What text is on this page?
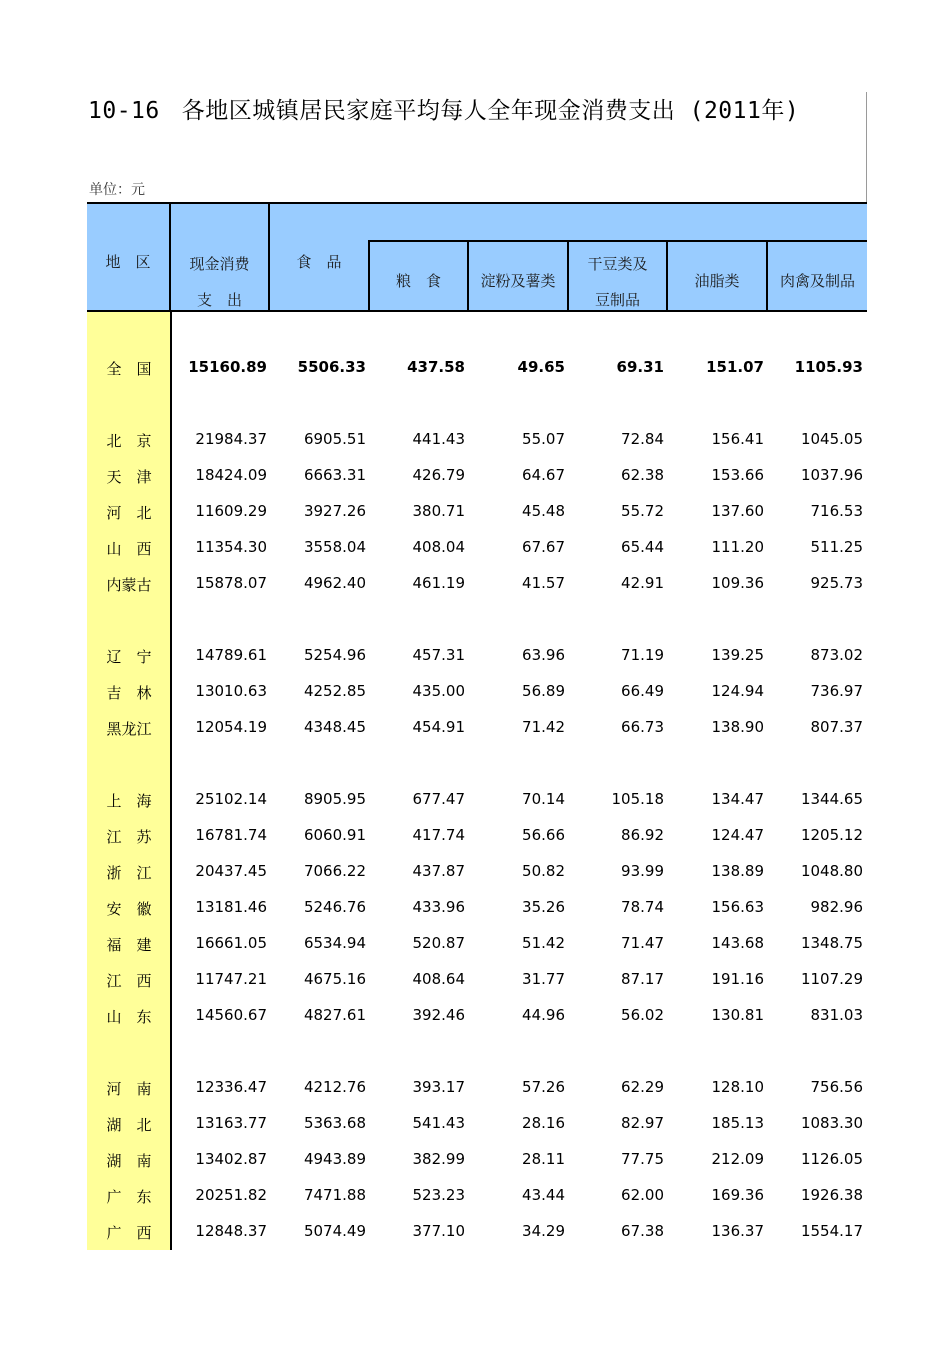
10-16 各地区城镇居民家庭平均每人全年现金消费支出 (2011年)
单位：元
地　区	现金消费
支　出
食　品
粮　食	淀粉及薯类
干豆类及
豆制品
油脂类	肉禽及制品
全　国	15160.89 5506.33	437.58	49.65	69.31	151.07 1105.93
北　京	21984.37 6905.51	441.43	55.07	72.84	156.41 1045.05
天　津	18424.09 6663.31	426.79	64.67	62.38	153.66 1037.96
河　北	11609.29 3927.26	380.71	45.48	55.72	137.60	716.53
山　西	11354.30 3558.04	408.04	67.67	65.44	111.20	511.25
内蒙古	15878.07 4962.40	461.19	41.57	42.91	109.36	925.73
辽　宁	14789.61 5254.96	457.31	63.96	71.19	139.25	873.02
吉　林	13010.63 4252.85	435.00	56.89	66.49	124.94	736.97
黑龙江	12054.19 4348.45	454.91	71.42	66.73	138.90	807.37
上　海	25102.14 8905.95	677.47	70.14	105.18	134.47 1344.65
江　苏	16781.74 6060.91	417.74	56.66	86.92	124.47 1205.12
浙　江	20437.45 7066.22	437.87	50.82	93.99	138.89 1048.80
安　徽	13181.46 5246.76	433.96	35.26	78.74	156.63	982.96
福　建	16661.05 6534.94	520.87	51.42	71.47	143.68 1348.75
江　西	11747.21 4675.16	408.64	31.77	87.17	191.16 1107.29
山　东	14560.67 4827.61	392.46	44.96	56.02	130.81	831.03
河　南	12336.47 4212.76	393.17	57.26	62.29	128.10	756.56
湖　北	13163.77 5363.68	541.43	28.16	82.97	185.13 1083.30
湖　南	13402.87 4943.89	382.99	28.11	77.75	212.09 1126.05
广　东	20251.82 7471.88	523.23	43.44	62.00	169.36 1926.38
广　西	12848.37 5074.49	377.10	34.29	67.38	136.37 1554.17
